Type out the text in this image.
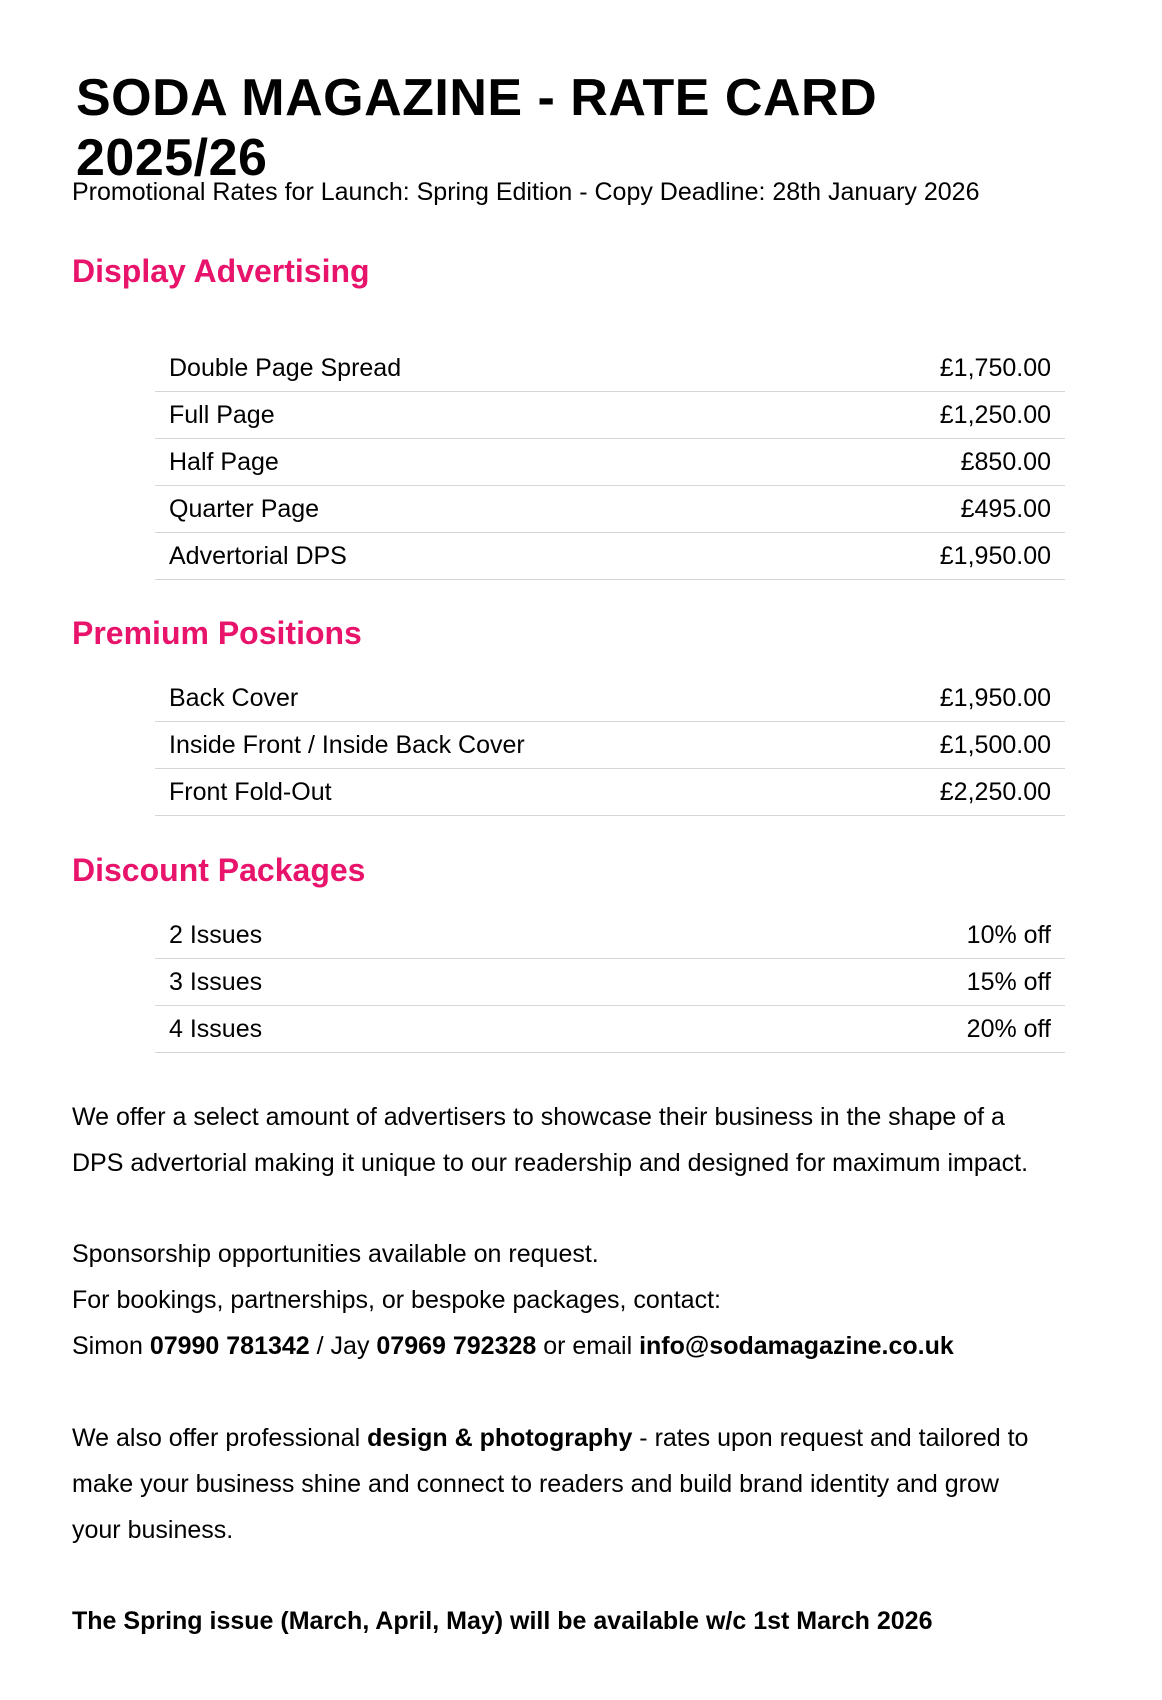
SODA MAGAZINE - RATE CARD 2025/26

Promotional Rates for Launch: Spring Edition - Copy Deadline: 28th January 2026

Display Advertising
Double Page Spread	£1,750.00
Full Page	£1,250.00
Half Page	£850.00
Quarter Page	£495.00
Advertorial DPS	£1,950.00
Premium Positions
Back Cover	£1,950.00
Inside Front / Inside Back Cover	£1,500.00
Front Fold-Out	£2,250.00
Discount Packages
2 Issues	10% off
3 Issues	15% off
4 Issues	20% off

We offer a select amount of advertisers to showcase their business in the shape of a
DPS advertorial making it unique to our readership and designed for maximum impact.

Sponsorship opportunities available on request.
For bookings, partnerships, or bespoke packages, contact:
Simon 07990 781342 / Jay 07969 792328 or email info@sodamagazine.co.uk

We also offer professional design & photography - rates upon request and tailored to
make your business shine and connect to readers and build brand identity and grow
your business.

The Spring issue (March, April, May) will be available w/c 1st March 2026
